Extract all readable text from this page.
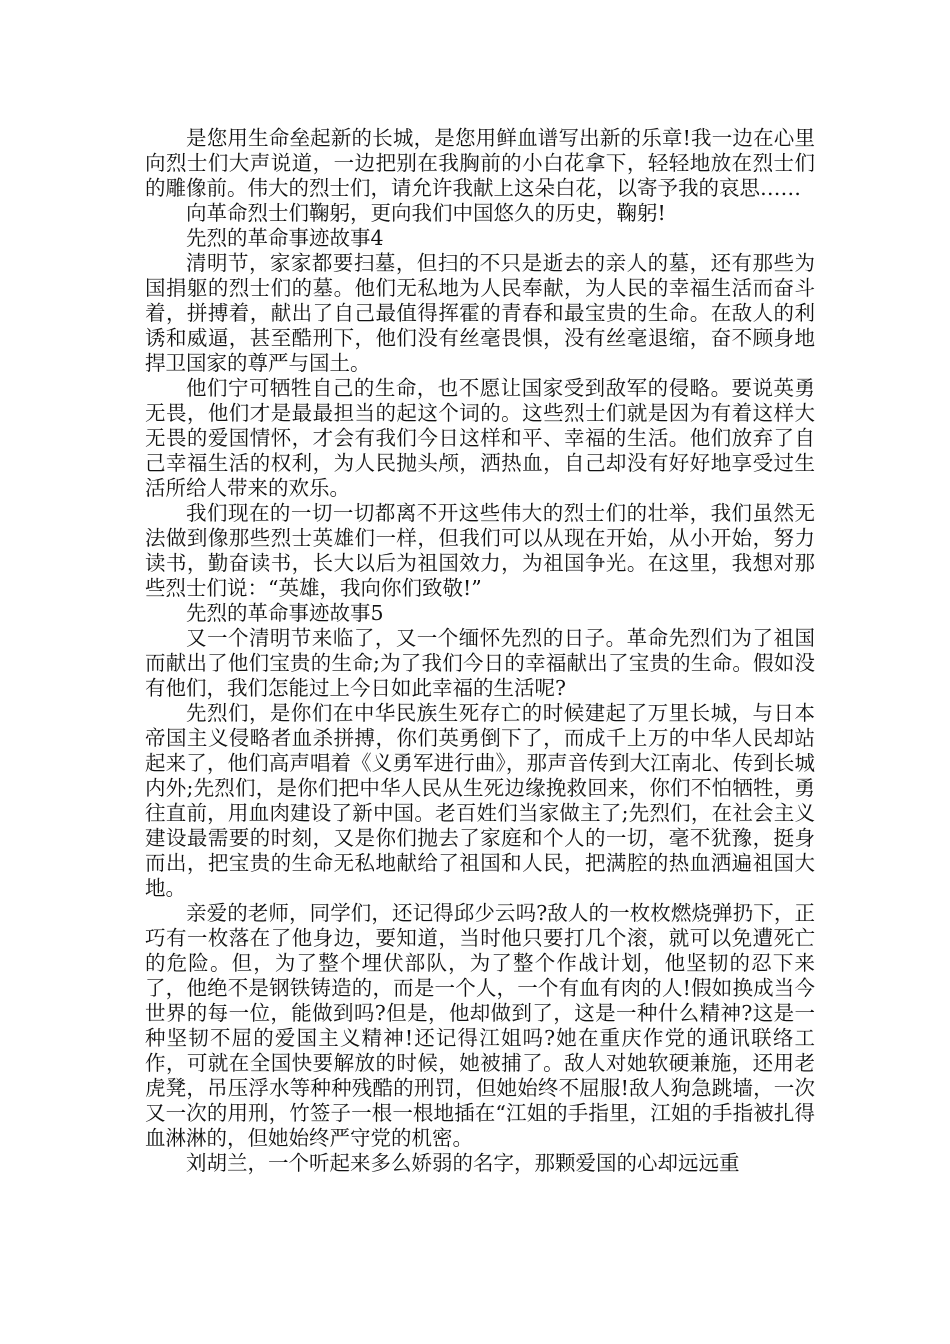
是您用生命垒起新的长城，是您用鲜血谱写出新的乐章!我一边在心里向烈士们大声说道，一边把别在我胸前的小白花拿下，轻轻地放在烈士们的雕像前。伟大的烈士们，请允许我献上这朵白花，以寄予我的哀思……

向革命烈士们鞠躬，更向我们中国悠久的历史，鞠躬!

先烈的革命事迹故事4

清明节，家家都要扫墓，但扫的不只是逝去的亲人的墓，还有那些为国捐躯的烈士们的墓。他们无私地为人民奉献，为人民的幸福生活而奋斗着，拼搏着，献出了自己最值得挥霍的青春和最宝贵的生命。在敌人的利诱和威逼，甚至酷刑下，他们没有丝毫畏惧，没有丝毫退缩，奋不顾身地捍卫国家的尊严与国土。

他们宁可牺牲自己的生命，也不愿让国家受到敌军的侵略。要说英勇无畏，他们才是最最担当的起这个词的。这些烈士们就是因为有着这样大无畏的爱国情怀，才会有我们今日这样和平、幸福的生活。他们放弃了自己幸福生活的权利，为人民抛头颅，洒热血，自己却没有好好地享受过生活所给人带来的欢乐。

我们现在的一切一切都离不开这些伟大的烈士们的壮举，我们虽然无法做到像那些烈士英雄们一样，但我们可以从现在开始，从小开始，努力读书，勤奋读书，长大以后为祖国效力，为祖国争光。在这里，我想对那些烈士们说：“英雄，我向你们致敬!”

先烈的革命事迹故事5

又一个清明节来临了，又一个缅怀先烈的日子。革命先烈们为了祖国而献出了他们宝贵的生命;为了我们今日的幸福献出了宝贵的生命。假如没有他们，我们怎能过上今日如此幸福的生活呢?

先烈们，是你们在中华民族生死存亡的时候建起了万里长城，与日本帝国主义侵略者血杀拼搏，你们英勇倒下了，而成千上万的中华人民却站起来了，他们高声唱着《义勇军进行曲》，那声音传到大江南北、传到长城内外;先烈们，是你们把中华人民从生死边缘挽救回来，你们不怕牺牲，勇往直前，用血肉建设了新中国。老百姓们当家做主了;先烈们，在社会主义建设最需要的时刻，又是你们抛去了家庭和个人的一切，毫不犹豫，挺身而出，把宝贵的生命无私地献给了祖国和人民，把满腔的热血洒遍祖国大地。

亲爱的老师，同学们，还记得邱少云吗?敌人的一枚枚燃烧弹扔下，正巧有一枚落在了他身边，要知道，当时他只要打几个滚，就可以免遭死亡的危险。但，为了整个埋伏部队，为了整个作战计划，他坚韧的忍下来了，他绝不是钢铁铸造的，而是一个人，一个有血有肉的人!假如换成当今世界的每一位，能做到吗?但是，他却做到了，这是一种什么精神?这是一种坚韧不屈的爱国主义精神!还记得江姐吗?她在重庆作党的通讯联络工作，可就在全国快要解放的时候，她被捕了。敌人对她软硬兼施，还用老虎凳，吊压浮水等种种残酷的刑罚，但她始终不屈服!敌人狗急跳墙，一次又一次的用刑，竹签子一根一根地插在“江姐的手指里，江姐的手指被扎得血淋淋的，但她始终严守党的机密。

刘胡兰，一个听起来多么娇弱的名字，那颗爱国的心却远远重
